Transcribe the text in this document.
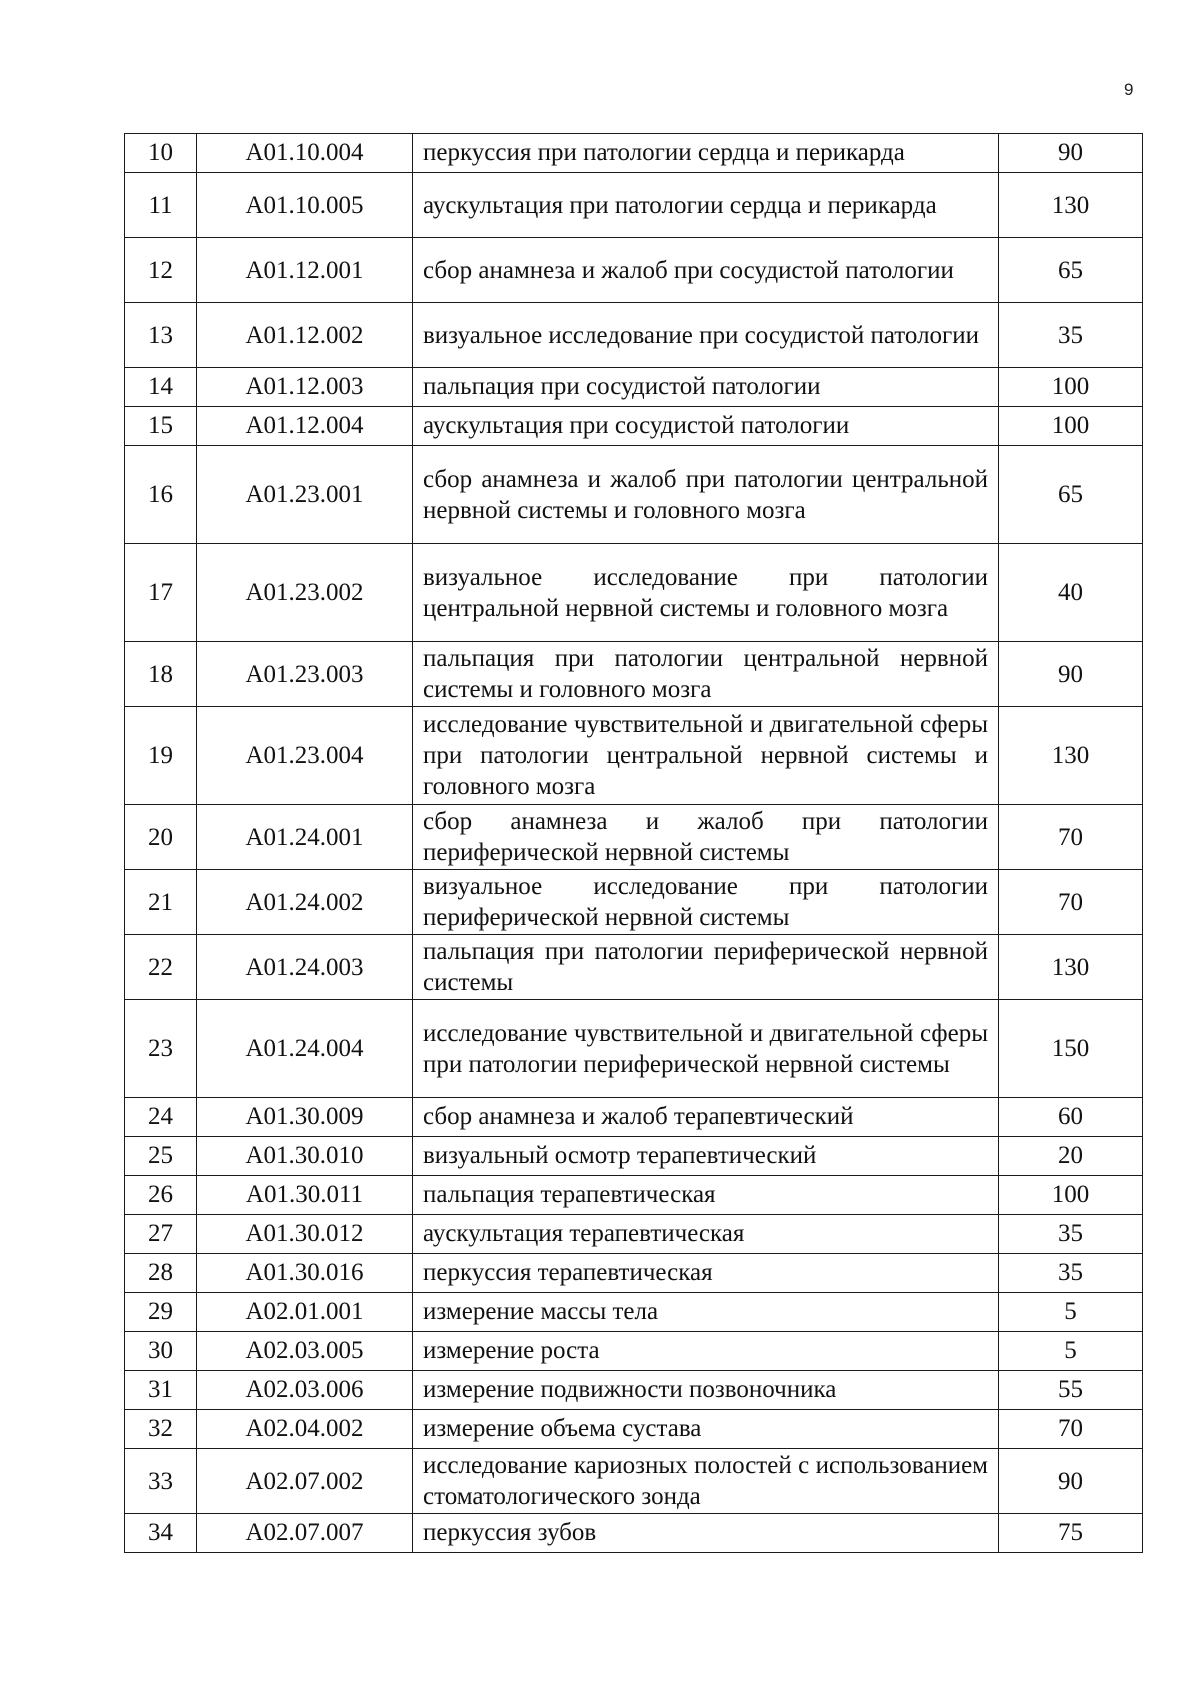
9
10	A01.10.004	перкуссия при патологии сердца и перикарда	90
11	A01.10.005	аускультация при патологии сердца и перикарда	130
12	A01.12.001	сбор анамнеза и жалоб при сосудистой патологии	65
13	A01.12.002	визуальное исследование при сосудистой патологии	35
14	A01.12.003	пальпация при сосудистой патологии	100
15	A01.12.004	аускультация при сосудистой патологии	100
16	A01.23.001	сбор анамнеза и жалоб при патологии центральной нервной системы и головного мозга	65
17	A01.23.002	визуальное исследование при патологии центральной нервной системы и головного мозга	40
18	A01.23.003	пальпация при патологии центральной нервной системы и головного мозга	90
19	A01.23.004	исследование чувствительной и двигательной сферы при патологии центральной нервной системы и головного мозга	130
20	A01.24.001	сбор анамнеза и жалоб при патологии периферической нервной системы	70
21	A01.24.002	визуальное исследование при патологии периферической нервной системы	70
22	A01.24.003	пальпация при патологии периферической нервной системы	130
23	A01.24.004	исследование чувствительной и двигательной сферы при патологии периферической нервной системы	150
24	A01.30.009	сбор анамнеза и жалоб терапевтический	60
25	A01.30.010	визуальный осмотр терапевтический	20
26	A01.30.011	пальпация терапевтическая	100
27	A01.30.012	аускультация терапевтическая	35
28	A01.30.016	перкуссия терапевтическая	35
29	A02.01.001	измерение массы тела	5
30	A02.03.005	измерение роста	5
31	A02.03.006	измерение подвижности позвоночника	55
32	A02.04.002	измерение объема сустава	70
33	A02.07.002	исследование кариозных полостей с использованием стоматологического зонда	90
34	A02.07.007	перкуссия зубов	75
